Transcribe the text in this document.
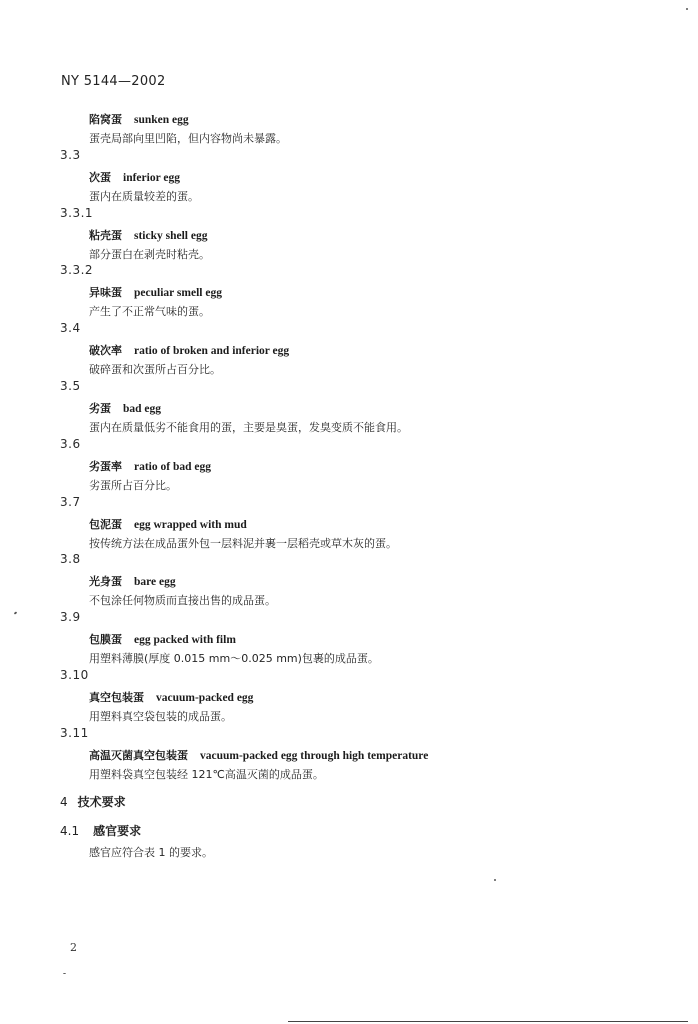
NY 5144—2002
陷窝蛋 sunken egg
蛋壳局部向里凹陷，但内容物尚未暴露。
3.3
次蛋 inferior egg
蛋内在质量较差的蛋。
3.3.1
粘壳蛋 sticky shell egg
部分蛋白在剥壳时粘壳。
3.3.2
异味蛋 peculiar smell egg
产生了不正常气味的蛋。
3.4
破次率 ratio of broken and inferior egg
破碎蛋和次蛋所占百分比。
3.5
劣蛋 bad egg
蛋内在质量低劣不能食用的蛋，主要是臭蛋，发臭变质不能食用。
3.6
劣蛋率 ratio of bad egg
劣蛋所占百分比。
3.7
包泥蛋 egg wrapped with mud
按传统方法在成品蛋外包一层料泥并裹一层稻壳或草木灰的蛋。
3.8
光身蛋 bare egg
不包涂任何物质而直接出售的成品蛋。
3.9
包膜蛋 egg packed with film
用塑料薄膜(厚度 0.015 mm～0.025 mm)包裹的成品蛋。
3.10
真空包装蛋 vacuum-packed egg
用塑料真空袋包装的成品蛋。
3.11
高温灭菌真空包装蛋 vacuum-packed egg through high temperature
用塑料袋真空包装经 121℃高温灭菌的成品蛋。
4 技术要求
4.1 感官要求
感官应符合表 1 的要求。
2
